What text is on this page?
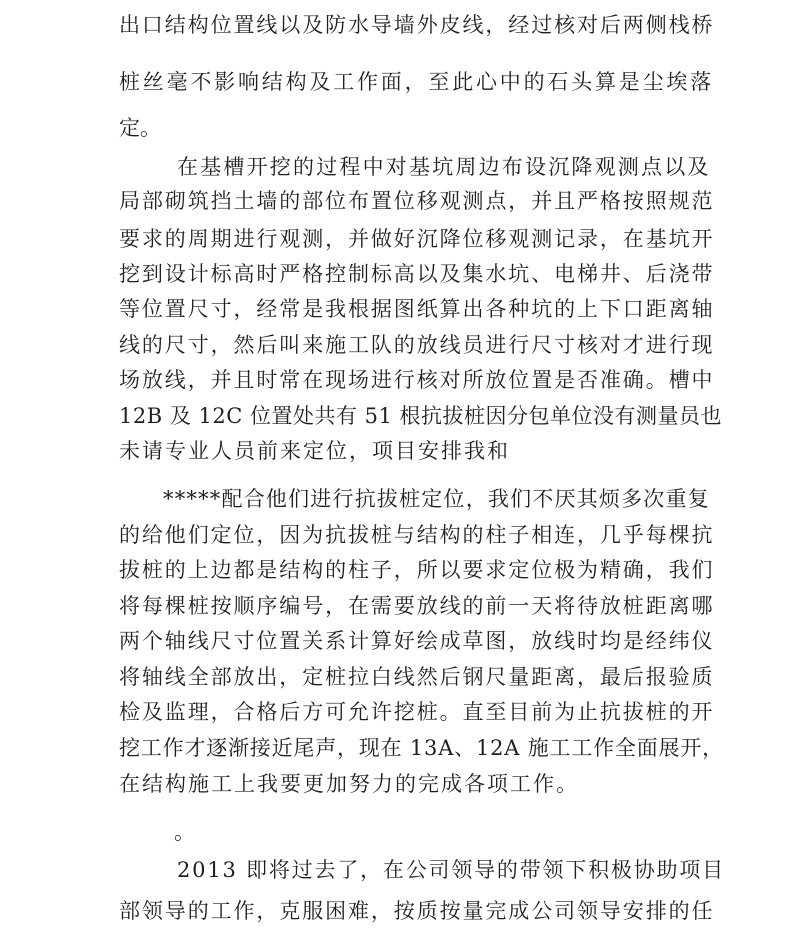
出口结构位置线以及防水导墙外皮线，经过核对后两侧栈桥
桩丝毫不影响结构及工作面，至此心中的石头算是尘埃落
定。
在基槽开挖的过程中对基坑周边布设沉降观测点以及
局部砌筑挡土墙的部位布置位移观测点，并且严格按照规范
要求的周期进行观测，并做好沉降位移观测记录，在基坑开
挖到设计标高时严格控制标高以及集水坑、电梯井、后浇带
等位置尺寸，经常是我根据图纸算出各种坑的上下口距离轴
线的尺寸，然后叫来施工队的放线员进行尺寸核对才进行现
场放线，并且时常在现场进行核对所放位置是否准确。槽中
12B 及 12C 位置处共有 51 根抗拔桩因分包单位没有测量员也
未请专业人员前来定位，项目安排我和
*****配合他们进行抗拔桩定位，我们不厌其烦多次重复
的给他们定位，因为抗拔桩与结构的柱子相连，几乎每棵抗
拔桩的上边都是结构的柱子，所以要求定位极为精确，我们
将每棵桩按顺序编号，在需要放线的前一天将待放桩距离哪
两个轴线尺寸位置关系计算好绘成草图，放线时均是经纬仪
将轴线全部放出，定桩拉白线然后钢尺量距离，最后报验质
检及监理，合格后方可允许挖桩。直至目前为止抗拔桩的开
挖工作才逐渐接近尾声，现在 13A、12A 施工工作全面展开，
在结构施工上我要更加努力的完成各项工作。
。
2013 即将过去了，在公司领导的带领下积极协助项目
部领导的工作，克服困难，按质按量完成公司领导安排的任
